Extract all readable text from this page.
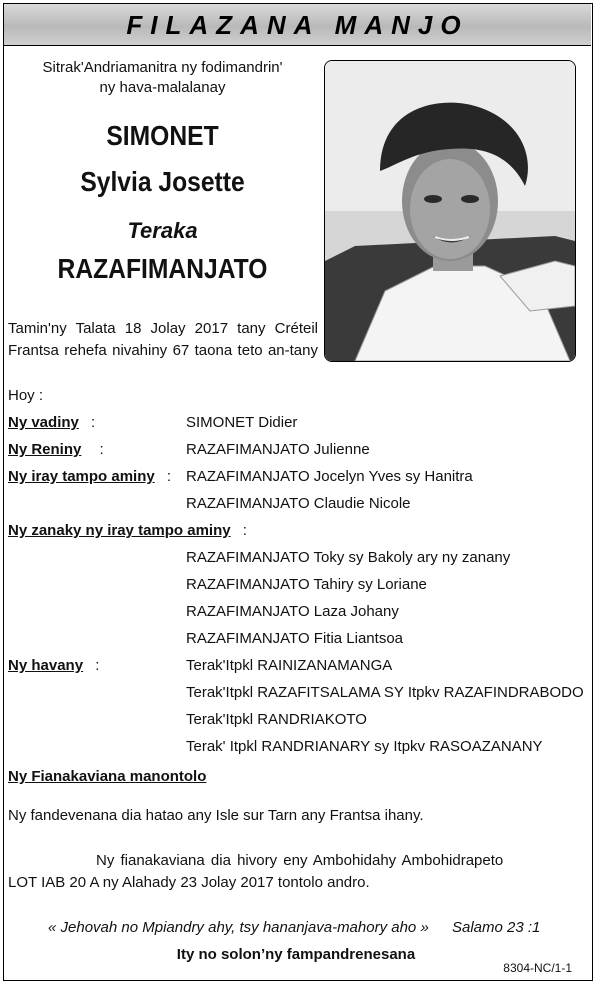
FILAZANA MANJO
Sitrak'Andriamanitra ny fodimandrin'
ny hava-malalanay
SIMONET
Sylvia Josette
Teraka
RAZAFIMANJATO
Tamin'ny Talata 18 Jolay 2017 tany Créteil
Frantsa rehefa nivahiny 67 taona teto an-tany
Hoy :
Ny vadiny :	SIMONET Didier
Ny Reniny :	RAZAFIMANJATO Julienne
Ny iray tampo aminy : RAZAFIMANJATO Jocelyn Yves sy Hanitra
RAZAFIMANJATO Claudie Nicole
Ny zanaky ny iray tampo aminy :
RAZAFIMANJATO Toky sy Bakoly ary ny zanany
RAZAFIMANJATO Tahiry sy Loriane
RAZAFIMANJATO Laza Johany
RAZAFIMANJATO Fitia Liantsoa
Ny havany :	Terak'Itpkl RAINIZANAMANGA
Terak'Itpkl RAZAFITSALAMA SY Itpkv RAZAFINDRABODO
Terak'Itpkl RANDRIAKOTO
Terak' Itpkl RANDRIANARY sy Itpkv RASOAZANANY
Ny Fianakaviana manontolo
Ny fandevenana dia hatao any Isle sur Tarn any Frantsa ihany.
Ny fianakaviana dia hivory eny Ambohidahy Ambohidrapeto
LOT IAB 20 A ny Alahady 23 Jolay 2017 tontolo andro.
« Jehovah no Mpiandry ahy, tsy hananjava-mahory aho » Salamo 23 :1
Ity no solon’ny fampandrenesana
8304-NC/1-1
